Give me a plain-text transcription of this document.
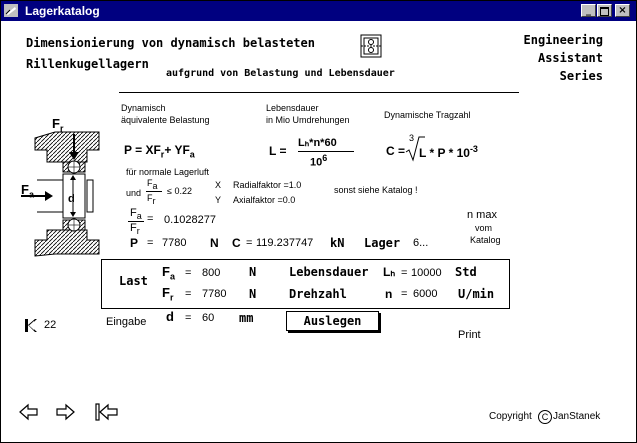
Lagerkatalog	_	×
Dimensionierung von dynamisch belasteten
Rillenkugellagern
aufgrund von Belastung und Lebensdauer
Engineering
Assistant
Series
$F_r$
$F_a$	d
Dynamisch
äquivalente Belastung
Lebensdauer
in Mio Umdrehungen	Dynamische Tragzahl
$P = XF_r+ YF_a$	L =
Lₕ*n*60
$10^6$	C =
3
L * P * $10^{-3}$
für normale Lagerluft
und
$F_a$
$F_r$
≤ 0.22
X Radialfaktor =1.0
Y Axialfaktor =0.0
sonst siehe Katalog !
$F_a$
$F_r$
= 0.1028277
P = 7780 N C = 119.237747 kN Lager 6...
n max
vom
Katalog
Last
$F_a = 800$ N
$F_r = 7780$ N
Lebensdauer Lₕ = 10000 Std
Drehzahl	n = 6000 U/min
Eingabe d = 60 mm	Auslegen
22
Print
Copyright	C JanStanek
